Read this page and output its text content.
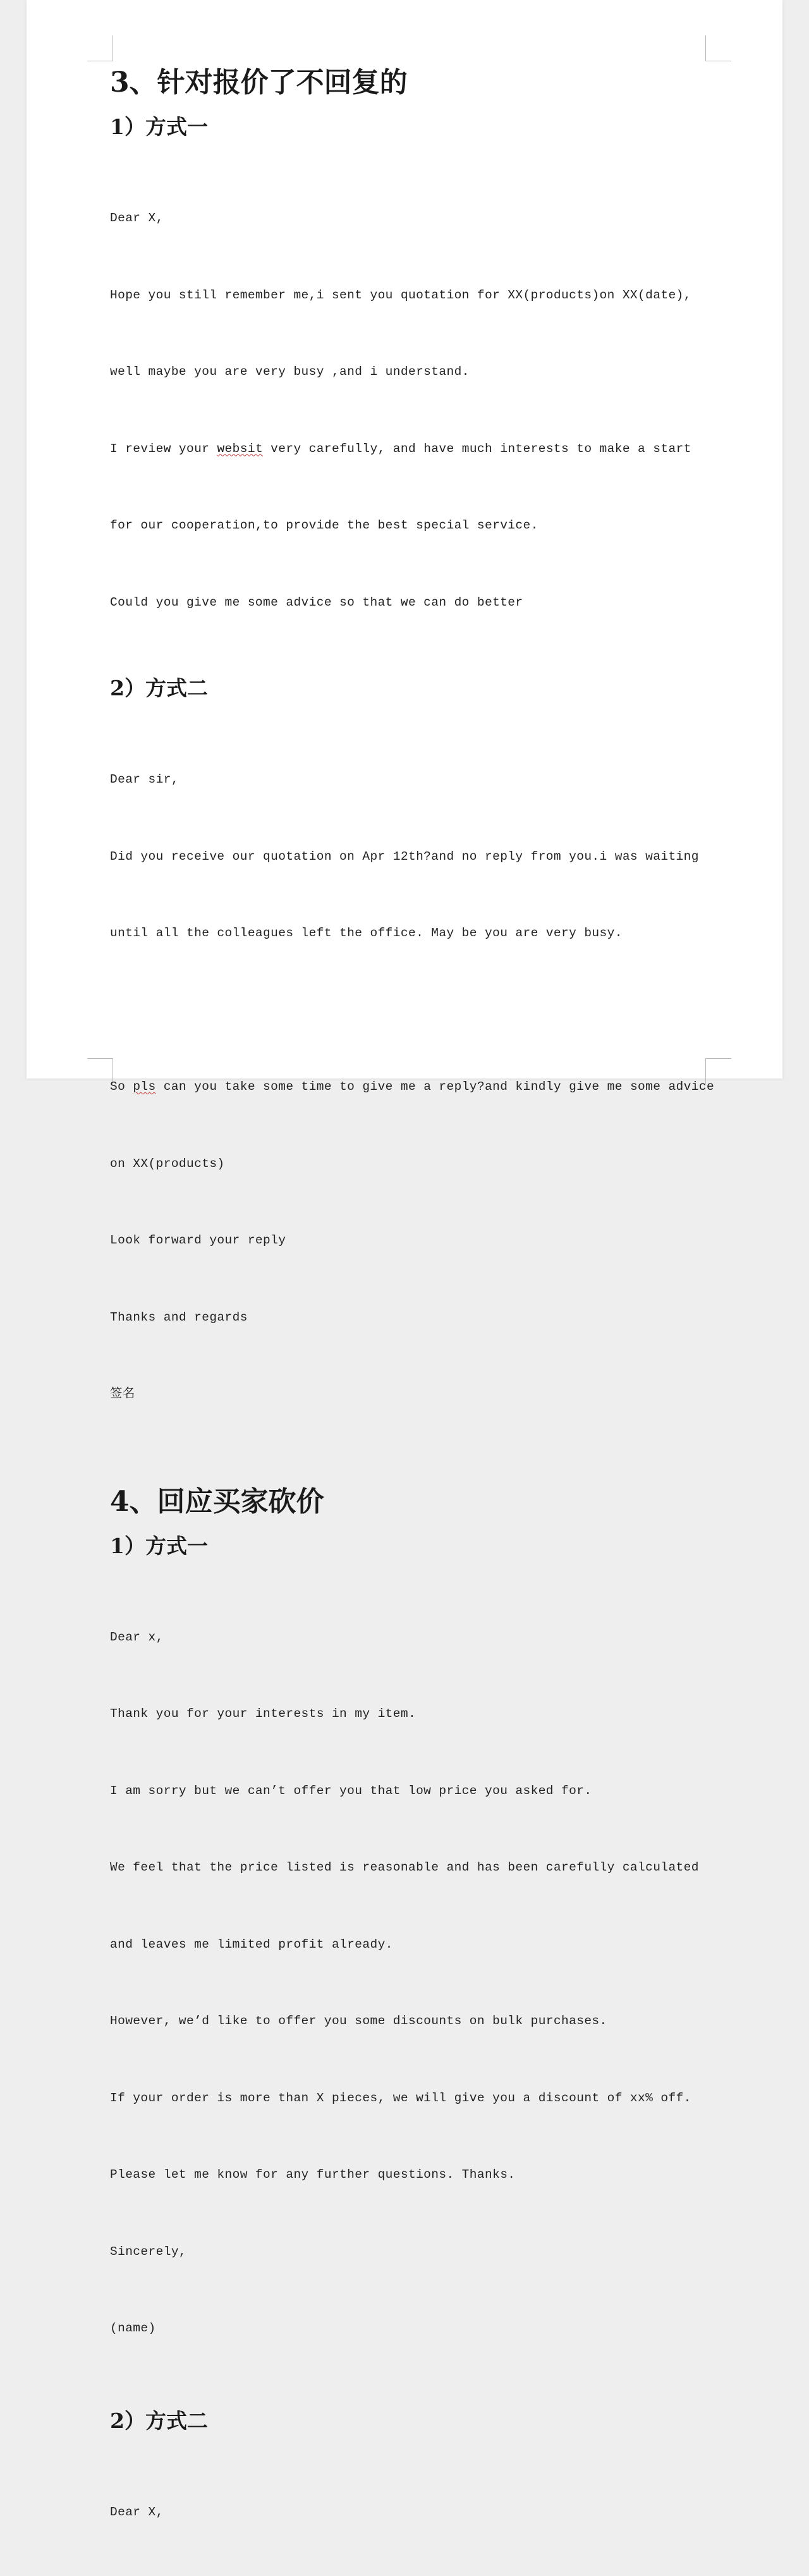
3、针对报价了不回复的
1）方式一

Dear X,

Hope you still remember me,i sent you quotation for XX(products)on XX(date),

well maybe you are very busy ,and i understand.

I review your websit very carefully, and have much interests to make a start

for our cooperation,to provide the best special service.

Could you give me some advice so that we can do better

2）方式二

Dear sir,

Did you receive our quotation on Apr 12th?and no reply from you.i was waiting

until all the colleagues left the office. May be you are very busy.

So pls can you take some time to give me a reply?and kindly give me some advice

on XX(products)

Look forward your reply

Thanks and regards

签名

4、回应买家砍价
1）方式一

Dear x,

Thank you for your interests in my item.

I am sorry but we can’t offer you that low price you asked for.

We feel that the price listed is reasonable and has been carefully calculated

and leaves me limited profit already.

However, we’d like to offer you some discounts on bulk purchases.

If your order is more than X pieces, we will give you a discount of xx% off.

Please let me know for any further questions. Thanks.

Sincerely,

(name)

2）方式二

Dear X,
